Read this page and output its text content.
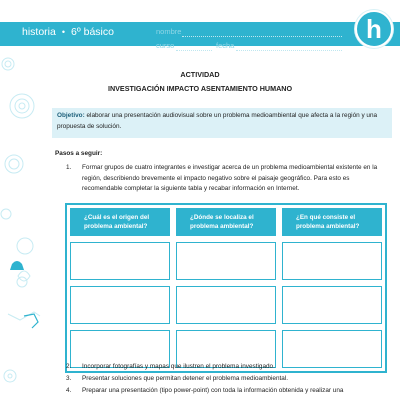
historia • 6º básico	nombre
curso	fecha
h
ACTIVIDAD
INVESTIGACIÓN IMPACTO ASENTAMIENTO HUMANO
Objetivo: elaborar una presentación audiovisual sobre un problema medioambiental que afecta a la región y una propuesta de solución.
Pasos a seguir:
1. Formar grupos de cuatro integrantes e investigar acerca de un problema medioambiental existente en la región, describiendo brevemente el impacto negativo sobre el paisaje geográfico. Para esto es recomendable completar la siguiente tabla y recabar información en Internet.
¿Cuál es el origen del problema ambiental?	¿Dónde se localiza el problema ambiental?	¿En qué consiste el problema ambiental?

2. Incorporar fotografías y mapas que ilustren el problema investigado.
3. Presentar soluciones que permitan detener el problema medioambiental.
4. Preparar una presentación (tipo power-point) con toda la información obtenida y realizar una
